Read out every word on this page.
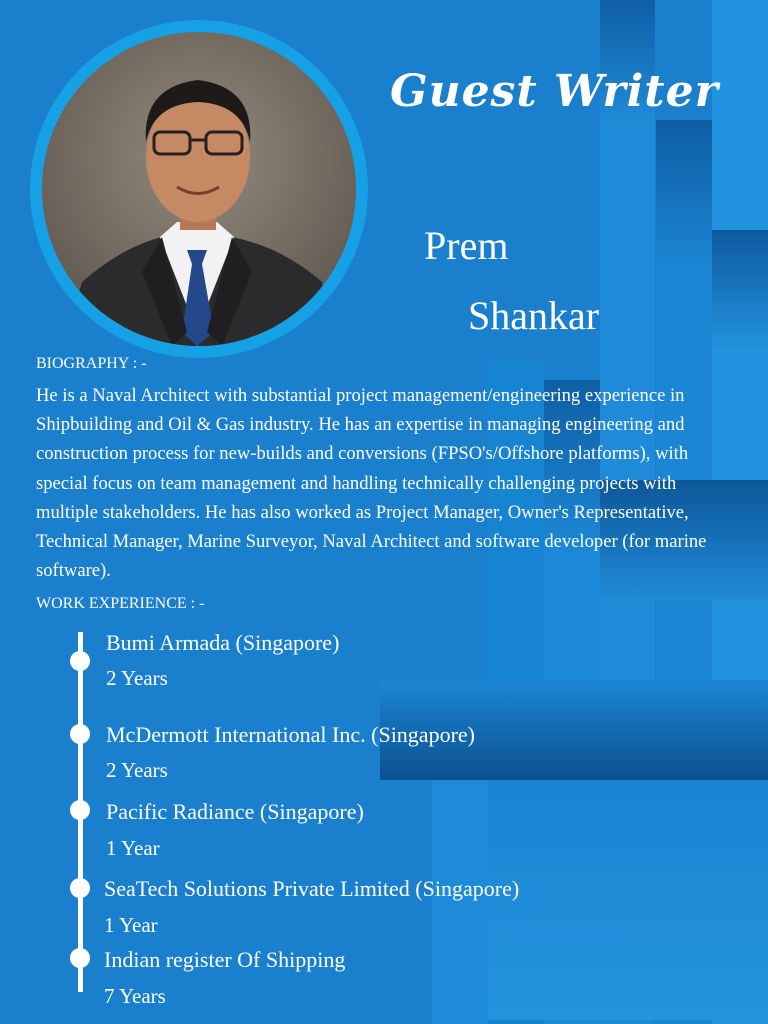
Guest Writer
Prem
Shankar
BIOGRAPHY : -
He is a Naval Architect with substantial project management/engineering experience in Shipbuilding and Oil & Gas industry. He has an expertise in managing engineering and construction process for new-builds and conversions (FPSO's/Offshore platforms), with special focus on team management and handling technically challenging projects with multiple stakeholders. He has also worked as Project Manager, Owner's Representative, Technical Manager, Marine Surveyor, Naval Architect and software developer (for marine software).
WORK EXPERIENCE : -
Bumi Armada (Singapore)
2 Years
McDermott International Inc. (Singapore)
2 Years
Pacific Radiance (Singapore)
1 Year
SeaTech Solutions Private Limited (Singapore)
1 Year
Indian register Of Shipping
7 Years
